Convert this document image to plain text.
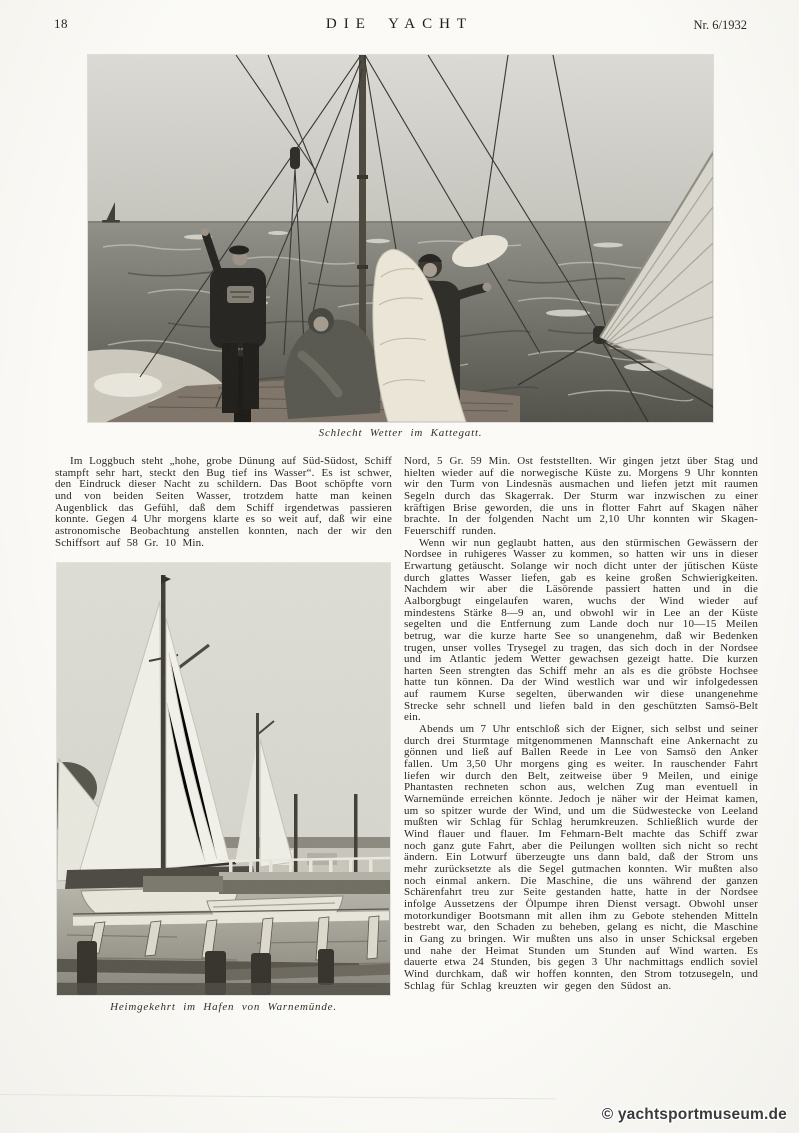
18	DIE YACHT	Nr. 6/1932
Schlecht Wetter im Kattegatt.

Im Loggbuch steht „hohe, grobe Dünung auf Süd-Südost, Schiff stampft sehr hart, steckt den Bug tief ins Wasser“. Es ist schwer, den Eindruck dieser Nacht zu schildern. Das Boot schöpfte vorn und von beiden Seiten Wasser, trotzdem hatte man keinen Augenblick das Gefühl, daß dem Schiff irgendetwas passieren konnte. Gegen 4 Uhr morgens klarte es so weit auf, daß wir eine astronomische Beobachtung anstellen konnten, nach der wir den Schiffsort auf 58 Gr. 10 Min.

Nord, 5 Gr. 59 Min. Ost feststellten. Wir gingen jetzt über Stag und hielten wieder auf die norwegische Küste zu. Morgens 9 Uhr konnten wir den Turm von Lindesnäs ausmachen und liefen jetzt mit raumen Segeln durch das Skagerrak. Der Sturm war inzwischen zu einer kräftigen Brise geworden, die uns in flotter Fahrt auf Skagen näher brachte. In der folgenden Nacht um 2,10 Uhr konnten wir Skagen-Feuerschiff runden.

Wenn wir nun geglaubt hatten, aus den stürmischen Gewässern der Nordsee in ruhigeres Wasser zu kommen, so hatten wir uns in dieser Erwartung getäuscht. Solange wir noch dicht unter der jütischen Küste durch glattes Wasser liefen, gab es keine großen Schwierigkeiten. Nachdem wir aber die Läsörende passiert hatten und in die Aalborgbugt eingelaufen waren, wuchs der Wind wieder auf mindestens Stärke 8—9 an, und obwohl wir in Lee an der Küste segelten und die Entfernung zum Lande doch nur 10—15 Meilen betrug, war die kurze harte See so unangenehm, daß wir Bedenken trugen, unser volles Trysegel zu tragen, das sich doch in der Nordsee und im Atlantic jedem Wetter gewachsen gezeigt hatte. Die kurzen harten Seen strengten das Schiff mehr an als es die gröbste Hochsee hatte tun können. Da der Wind westlich war und wir infolgedessen auf raumem Kurse segelten, überwanden wir diese unangenehme Strecke sehr schnell und liefen bald in den geschützten Samsö-Belt ein.

Abends um 7 Uhr entschloß sich der Eigner, sich selbst und seiner durch drei Sturmtage mitgenommenen Mannschaft eine Ankernacht zu gönnen und ließ auf Ballen Reede in Lee von Samsö den Anker fallen. Um 3,50 Uhr morgens ging es weiter. In rauschender Fahrt liefen wir durch den Belt, zeitweise über 9 Meilen, und einige Phantasten rechneten schon aus, welchen Zug man eventuell in Warnemünde erreichen könnte. Jedoch je näher wir der Heimat kamen, um so spitzer wurde der Wind, und um die Südwestecke von Leeland mußten wir Schlag für Schlag herumkreuzen. Schließlich wurde der Wind flauer und flauer. Im Fehmarn-Belt machte das Schiff zwar noch ganz gute Fahrt, aber die Peilungen wollten sich nicht so recht ändern. Ein Lotwurf überzeugte uns dann bald, daß der Strom uns mehr zurücksetzte als die Segel gutmachen konnten. Wir mußten also noch einmal ankern. Die Maschine, die uns während der ganzen Schärenfahrt treu zur Seite gestanden hatte, hatte in der Nordsee infolge Aussetzens der Ölpumpe ihren Dienst versagt. Obwohl unser motorkundiger Bootsmann mit allen ihm zu Gebote stehenden Mitteln bestrebt war, den Schaden zu beheben, gelang es nicht, die Maschine in Gang zu bringen. Wir mußten uns also in unser Schicksal ergeben und nahe der Heimat Stunden um Stunden auf Wind warten. Es dauerte etwa 24 Stunden, bis gegen 3 Uhr nachmittags endlich soviel Wind durchkam, daß wir hoffen konnten, den Strom totzusegeln, und Schlag für Schlag kreuzten wir gegen den Südost an.

Heimgekehrt im Hafen von Warnemünde.
© yachtsportmuseum.de
